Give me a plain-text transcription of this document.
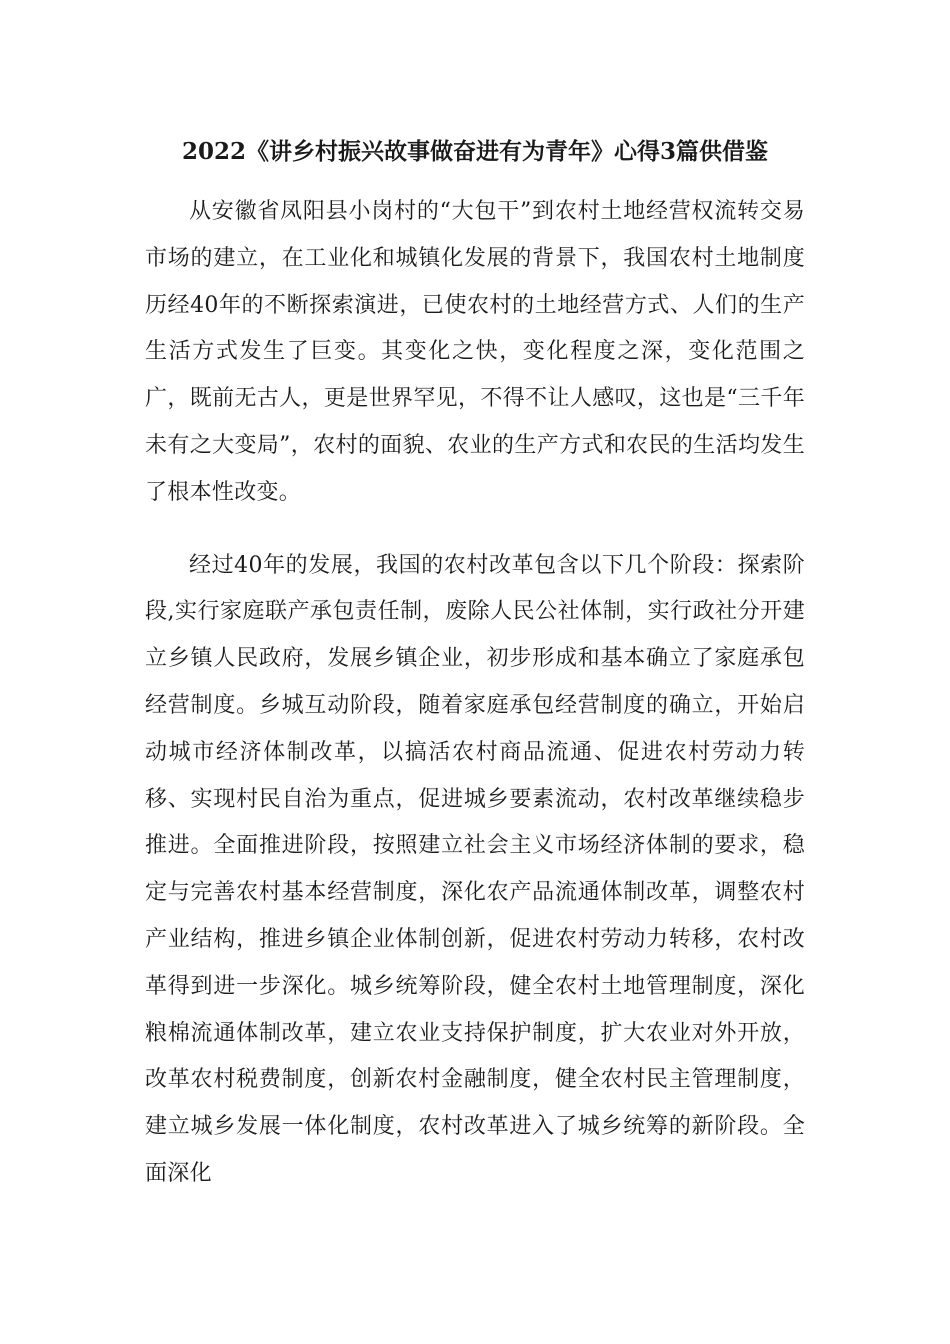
2022《讲乡村振兴故事做奋进有为青年》心得3篇供借鉴

从安徽省凤阳县小岗村的“大包干”到农村土地经营权流转交易市场的建立，在工业化和城镇化发展的背景下，我国农村土地制度历经40年的不断探索演进，已使农村的土地经营方式、人们的生产生活方式发生了巨变。其变化之快，变化程度之深，变化范围之广，既前无古人，更是世界罕见，不得不让人感叹，这也是“三千年未有之大变局”，农村的面貌、农业的生产方式和农民的生活均发生了根本性改变。

经过40年的发展，我国的农村改革包含以下几个阶段：探索阶段,实行家庭联产承包责任制，废除人民公社体制，实行政社分开建立乡镇人民政府，发展乡镇企业，初步形成和基本确立了家庭承包经营制度。乡城互动阶段，随着家庭承包经营制度的确立，开始启动城市经济体制改革，以搞活农村商品流通、促进农村劳动力转移、实现村民自治为重点，促进城乡要素流动，农村改革继续稳步推进。全面推进阶段，按照建立社会主义市场经济体制的要求，稳定与完善农村基本经营制度，深化农产品流通体制改革，调整农村产业结构，推进乡镇企业体制创新，促进农村劳动力转移，农村改革得到进一步深化。城乡统筹阶段，健全农村土地管理制度，深化粮棉流通体制改革，建立农业支持保护制度，扩大农业对外开放，改革农村税费制度，创新农村金融制度，健全农村民主管理制度，建立城乡发展一体化制度，农村改革进入了城乡统筹的新阶段。全面深化
